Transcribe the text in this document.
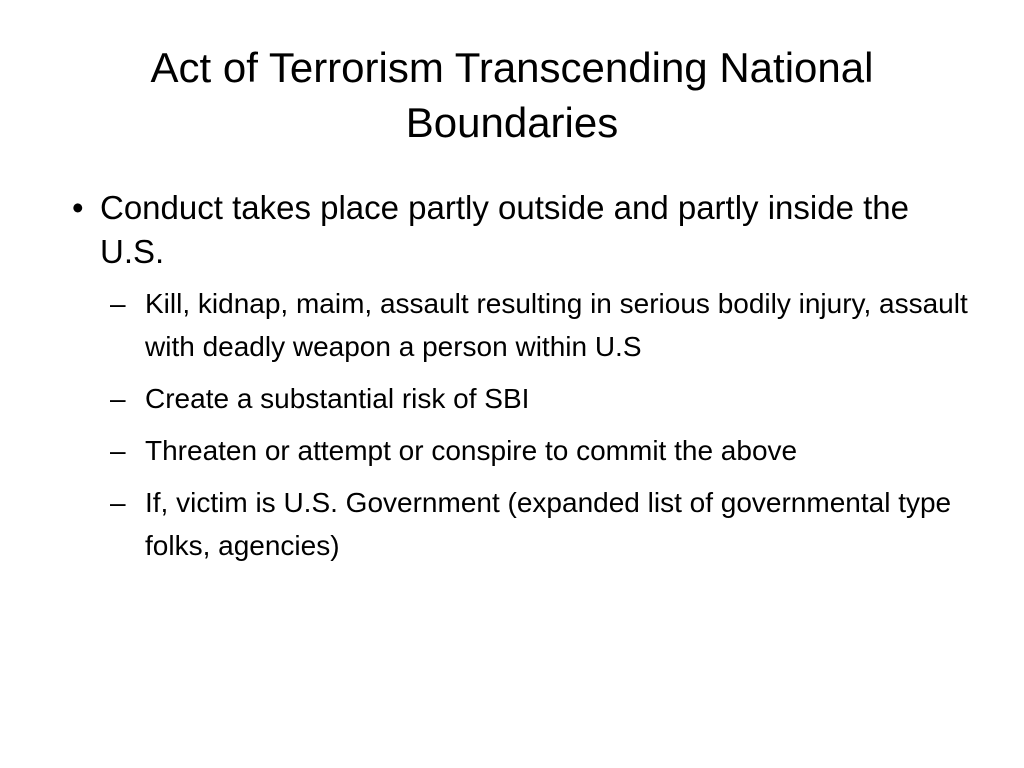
Act of Terrorism Transcending National Boundaries
• Conduct takes place partly outside and partly inside the U.S.
– Kill, kidnap, maim, assault resulting in serious bodily injury, assault with deadly weapon a person within U.S
– Create a substantial risk of SBI
– Threaten or attempt or conspire to commit the above
– If, victim is U.S. Government (expanded list of governmental type folks, agencies)
